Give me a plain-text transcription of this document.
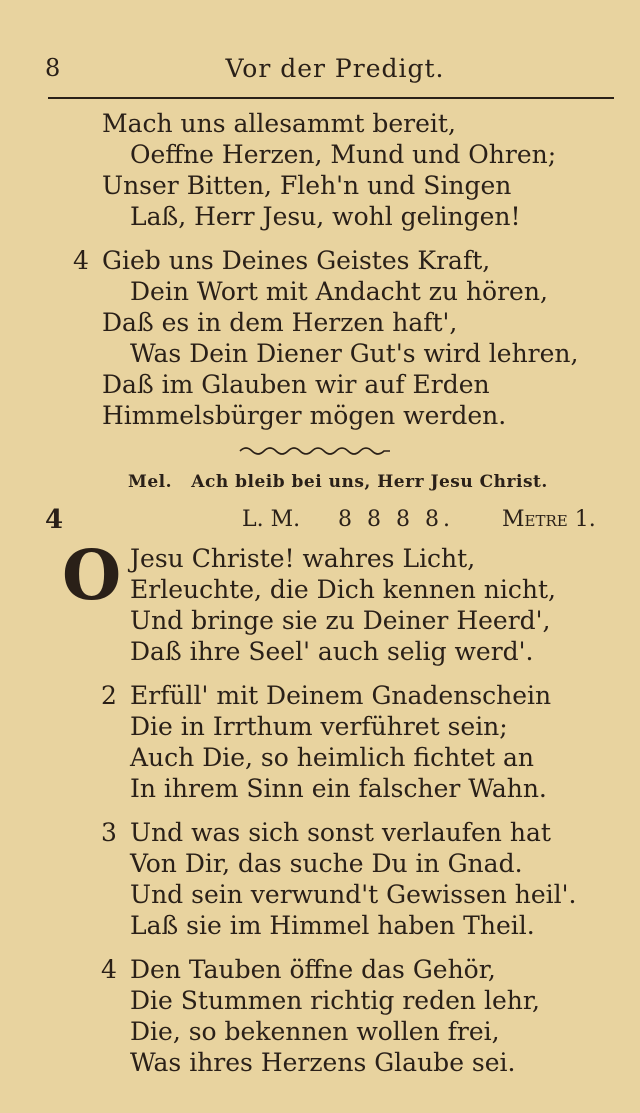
8	Vor der Predigt.
Mach uns allesammt bereit,
Oeffne Herzen, Mund und Ohren;
Unser Bitten, Fleh'n und Singen
Laß, Herr Jesu, wohl gelingen!
4 Gieb uns Deines Geistes Kraft,
Dein Wort mit Andacht zu hören,
Daß es in dem Herzen haft',
Was Dein Diener Gut's wird lehren,
Daß im Glauben wir auf Erden
Himmelsbürger mögen werden.
Mel. Ach bleib bei uns, Herr Jesu Christ.
4	L. M. 8 8 8 8. Metre 1.
O Jesu Christe! wahres Licht,
Erleuchte, die Dich kennen nicht,
Und bringe sie zu Deiner Heerd',
Daß ihre Seel' auch selig werd'.
2 Erfüll' mit Deinem Gnadenschein
Die in Irrthum verführet sein;
Auch Die, so heimlich fichtet an
In ihrem Sinn ein falscher Wahn.
3 Und was sich sonst verlaufen hat
Von Dir, das suche Du in Gnad.
Und sein verwund't Gewissen heil'.
Laß sie im Himmel haben Theil.
4 Den Tauben öffne das Gehör,
Die Stummen richtig reden lehr,
Die, so bekennen wollen frei,
Was ihres Herzens Glaube sei.
